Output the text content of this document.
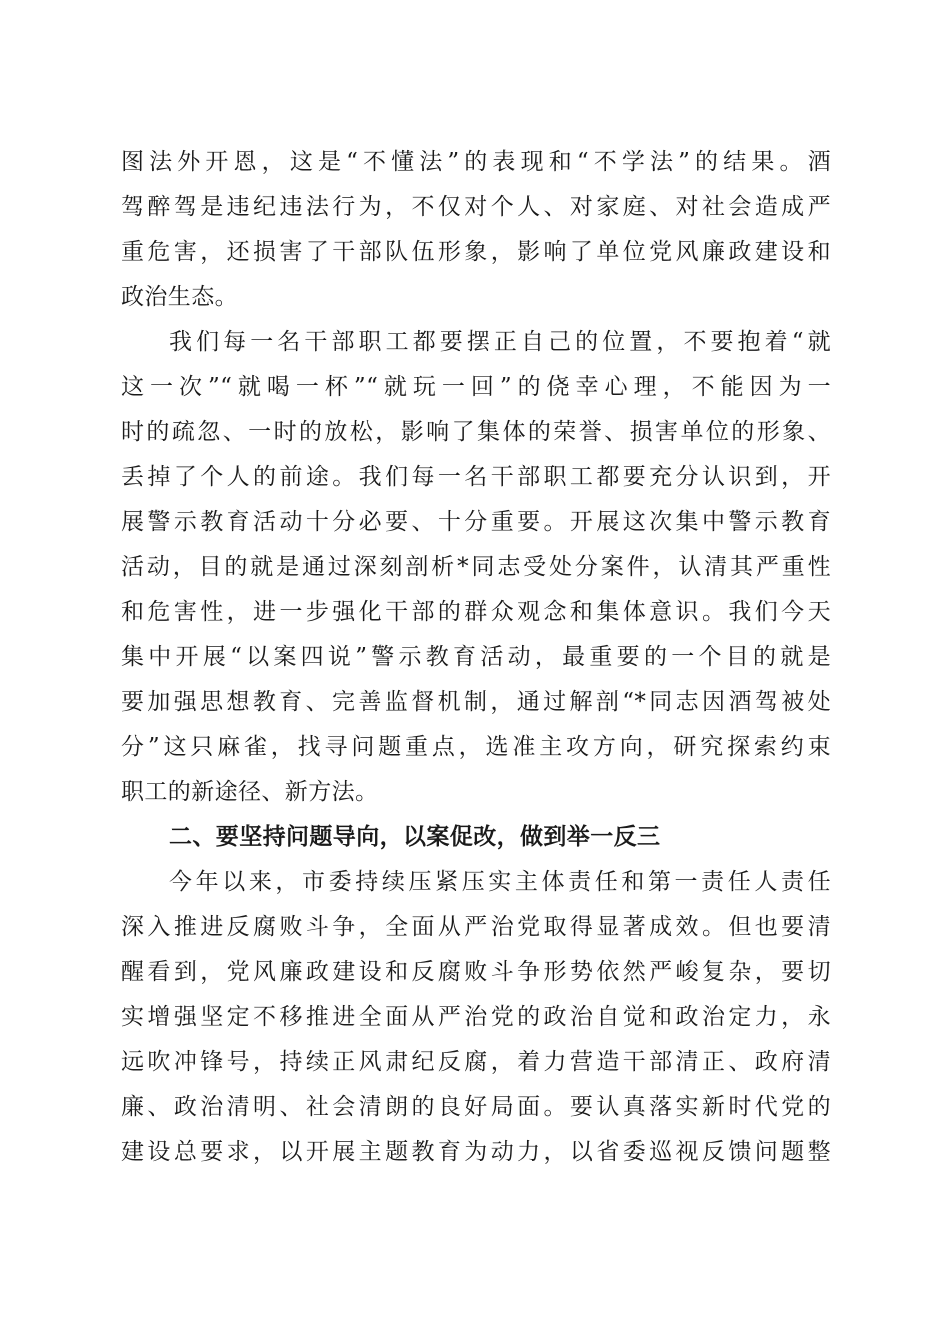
图法外开恩，这是“不懂法”的表现和“不学法”的结果。酒
驾醉驾是违纪违法行为，不仅对个人、对家庭、对社会造成严
重危害，还损害了干部队伍形象，影响了单位党风廉政建设和
政治生态。
我们每一名干部职工都要摆正自己的位置，不要抱着“就
这一次”“就喝一杯”“就玩一回”的侥幸心理，不能因为一
时的疏忽、一时的放松，影响了集体的荣誉、损害单位的形象、
丢掉了个人的前途。我们每一名干部职工都要充分认识到，开
展警示教育活动十分必要、十分重要。开展这次集中警示教育
活动，目的就是通过深刻剖析*同志受处分案件，认清其严重性
和危害性，进一步强化干部的群众观念和集体意识。我们今天
集中开展“以案四说”警示教育活动，最重要的一个目的就是
要加强思想教育、完善监督机制，通过解剖“*同志因酒驾被处
分”这只麻雀，找寻问题重点，选准主攻方向，研究探索约束
职工的新途径、新方法。
二、要坚持问题导向，以案促改，做到举一反三
今年以来，市委持续压紧压实主体责任和第一责任人责任
深入推进反腐败斗争，全面从严治党取得显著成效。但也要清
醒看到，党风廉政建设和反腐败斗争形势依然严峻复杂，要切
实增强坚定不移推进全面从严治党的政治自觉和政治定力，永
远吹冲锋号，持续正风肃纪反腐，着力营造干部清正、政府清
廉、政治清明、社会清朗的良好局面。要认真落实新时代党的
建设总要求，以开展主题教育为动力，以省委巡视反馈问题整
